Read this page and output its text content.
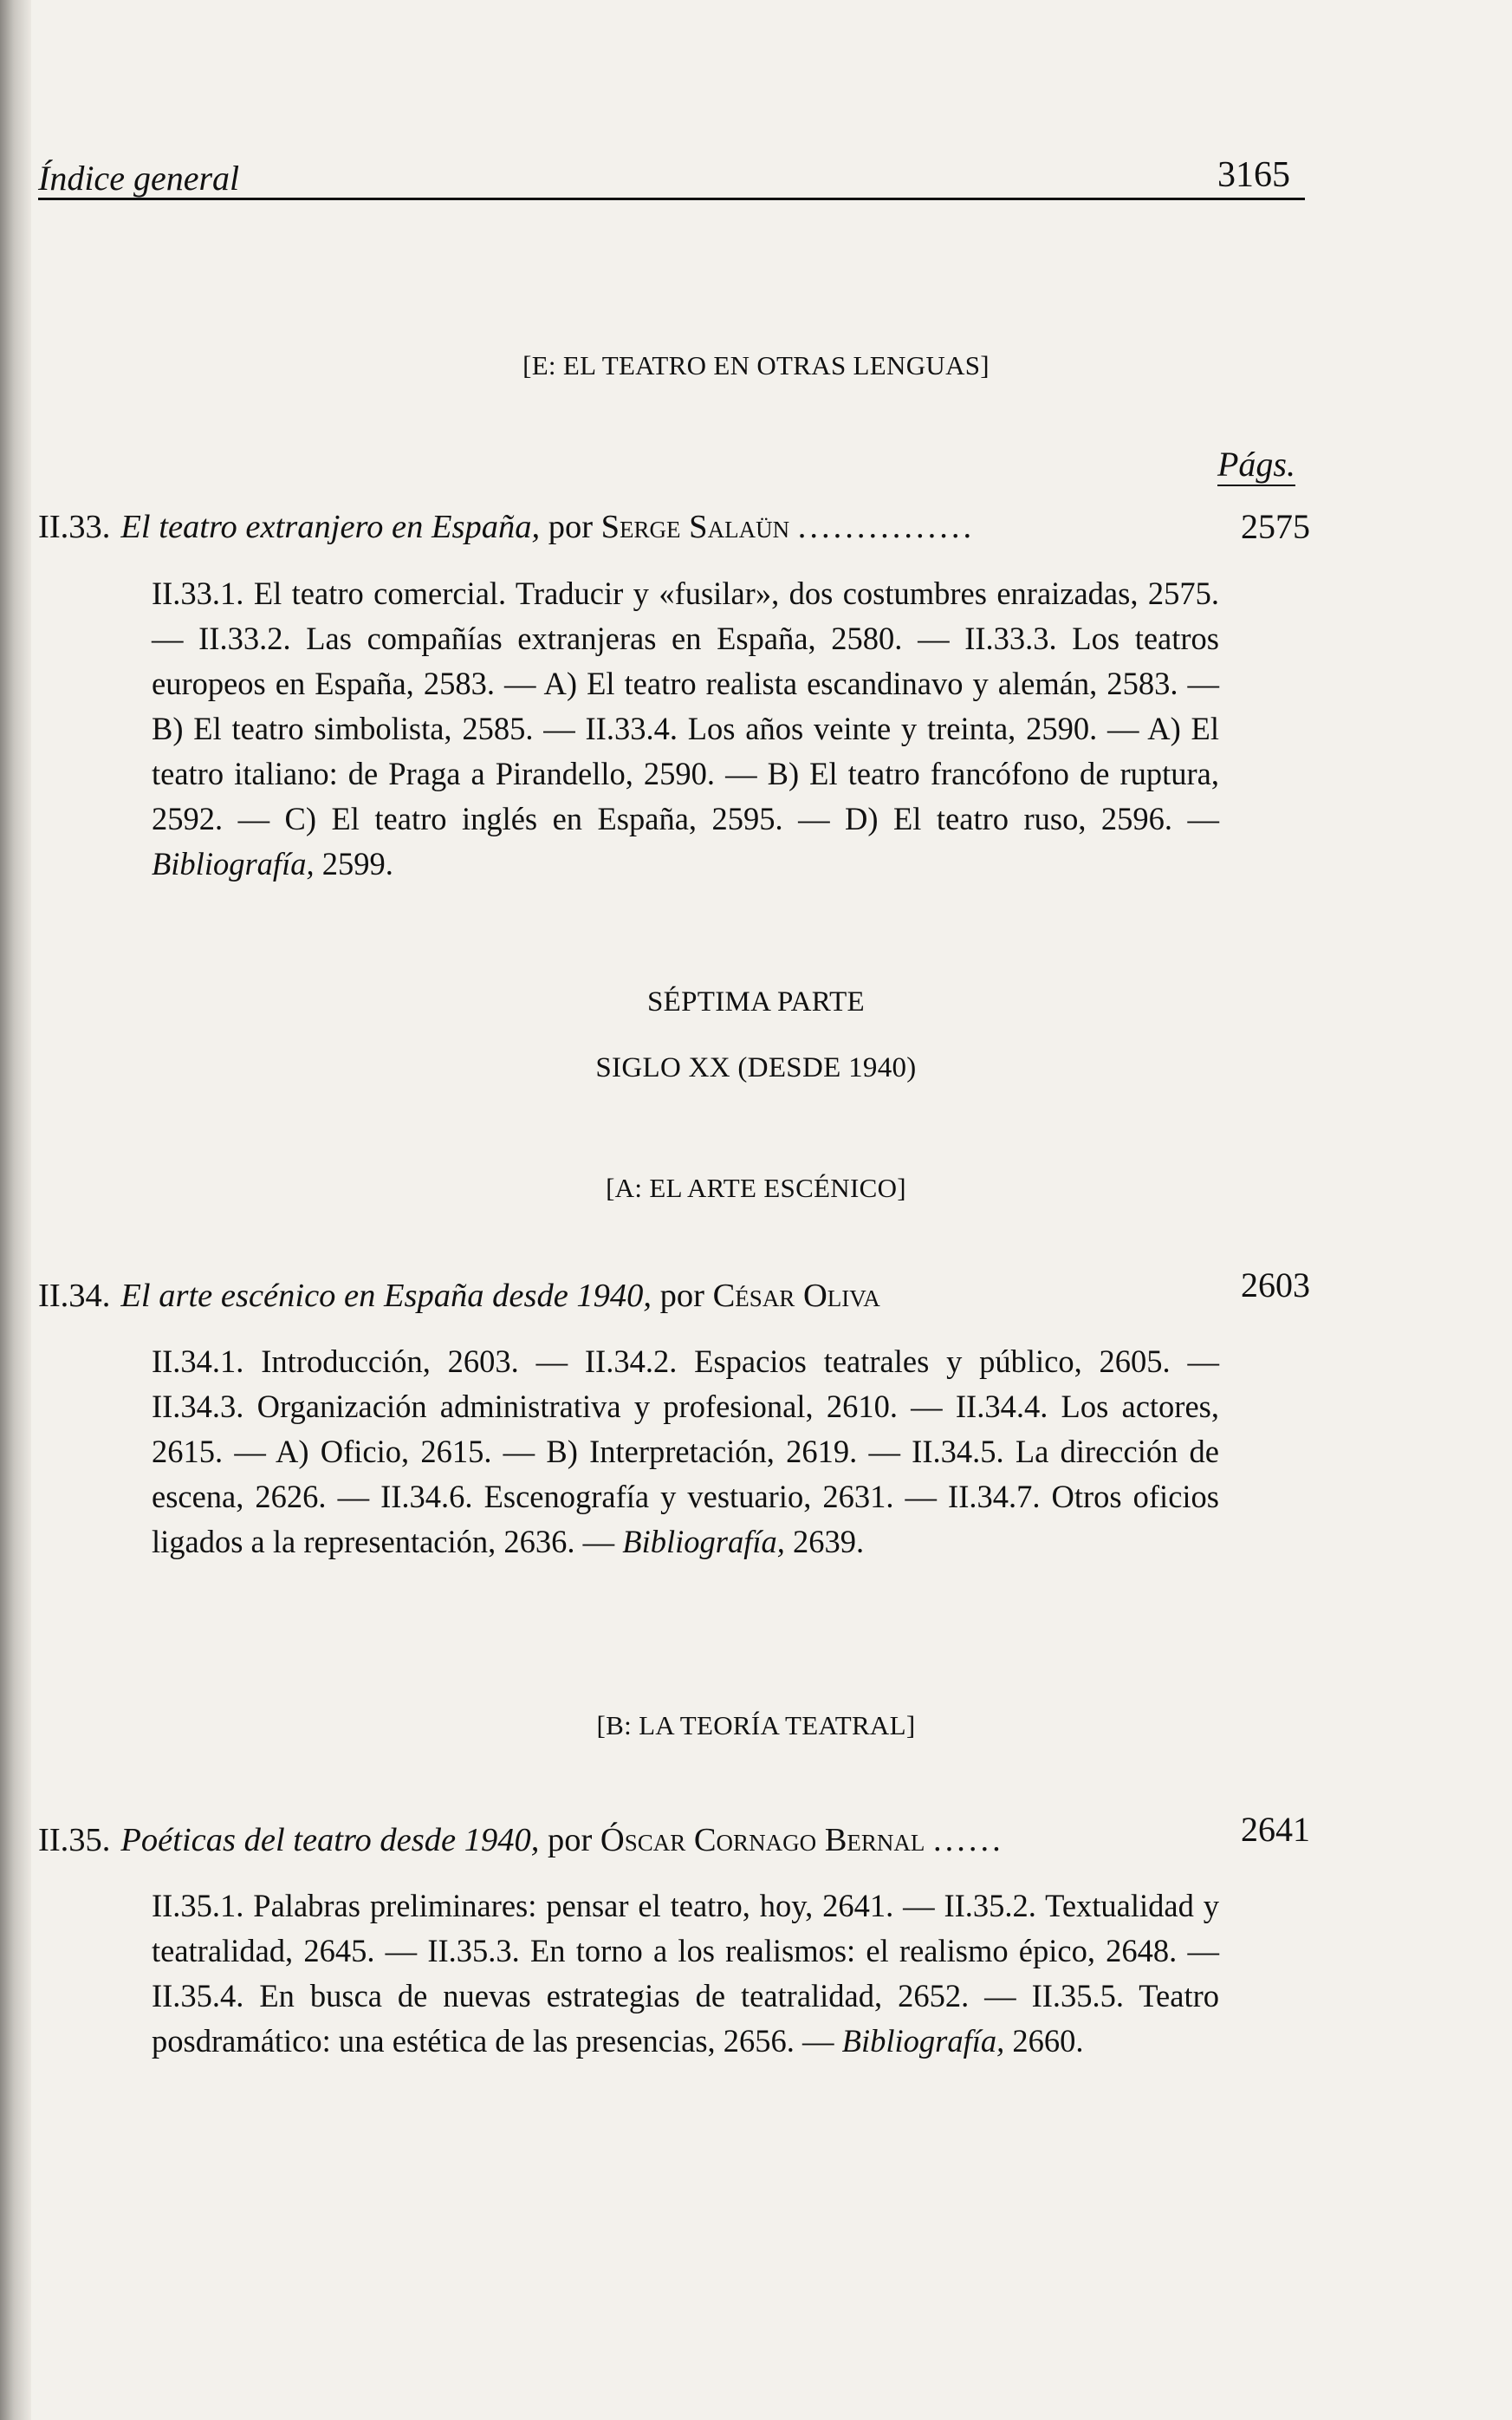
Índice general	3165

[E: EL TEATRO EN OTRAS LENGUAS]

Págs.

II.33. El teatro extranjero en España, por Serge Salaün ...............	2575

II.33.1. El teatro comercial. Traducir y «fusilar», dos costumbres enraizadas, 2575. — II.33.2. Las compañías extranjeras en España, 2580. — II.33.3. Los teatros europeos en España, 2583. — A) El teatro realista escandinavo y alemán, 2583. — B) El teatro simbolista, 2585. — II.33.4. Los años veinte y treinta, 2590. — A) El teatro italiano: de Praga a Pirandello, 2590. — B) El teatro francófono de ruptura, 2592. — C) El teatro inglés en España, 2595. — D) El teatro ruso, 2596. — Bibliografía, 2599.

SÉPTIMA PARTE

SIGLO XX (DESDE 1940)

[A: EL ARTE ESCÉNICO]

II.34. El arte escénico en España desde 1940, por César Oliva	2603

II.34.1. Introducción, 2603. — II.34.2. Espacios teatrales y público, 2605. — II.34.3. Organización administrativa y profesional, 2610. — II.34.4. Los actores, 2615. — A) Oficio, 2615. — B) Interpretación, 2619. — II.34.5. La dirección de escena, 2626. — II.34.6. Escenografía y vestuario, 2631. — II.34.7. Otros oficios ligados a la representación, 2636. — Bibliografía, 2639.

[B: LA TEORÍA TEATRAL]

II.35. Poéticas del teatro desde 1940, por Óscar Cornago Bernal ......	2641

II.35.1. Palabras preliminares: pensar el teatro, hoy, 2641. — II.35.2. Textualidad y teatralidad, 2645. — II.35.3. En torno a los realismos: el realismo épico, 2648. — II.35.4. En busca de nuevas estrategias de teatralidad, 2652. — II.35.5. Teatro posdramático: una estética de las presencias, 2656. — Bibliografía, 2660.
